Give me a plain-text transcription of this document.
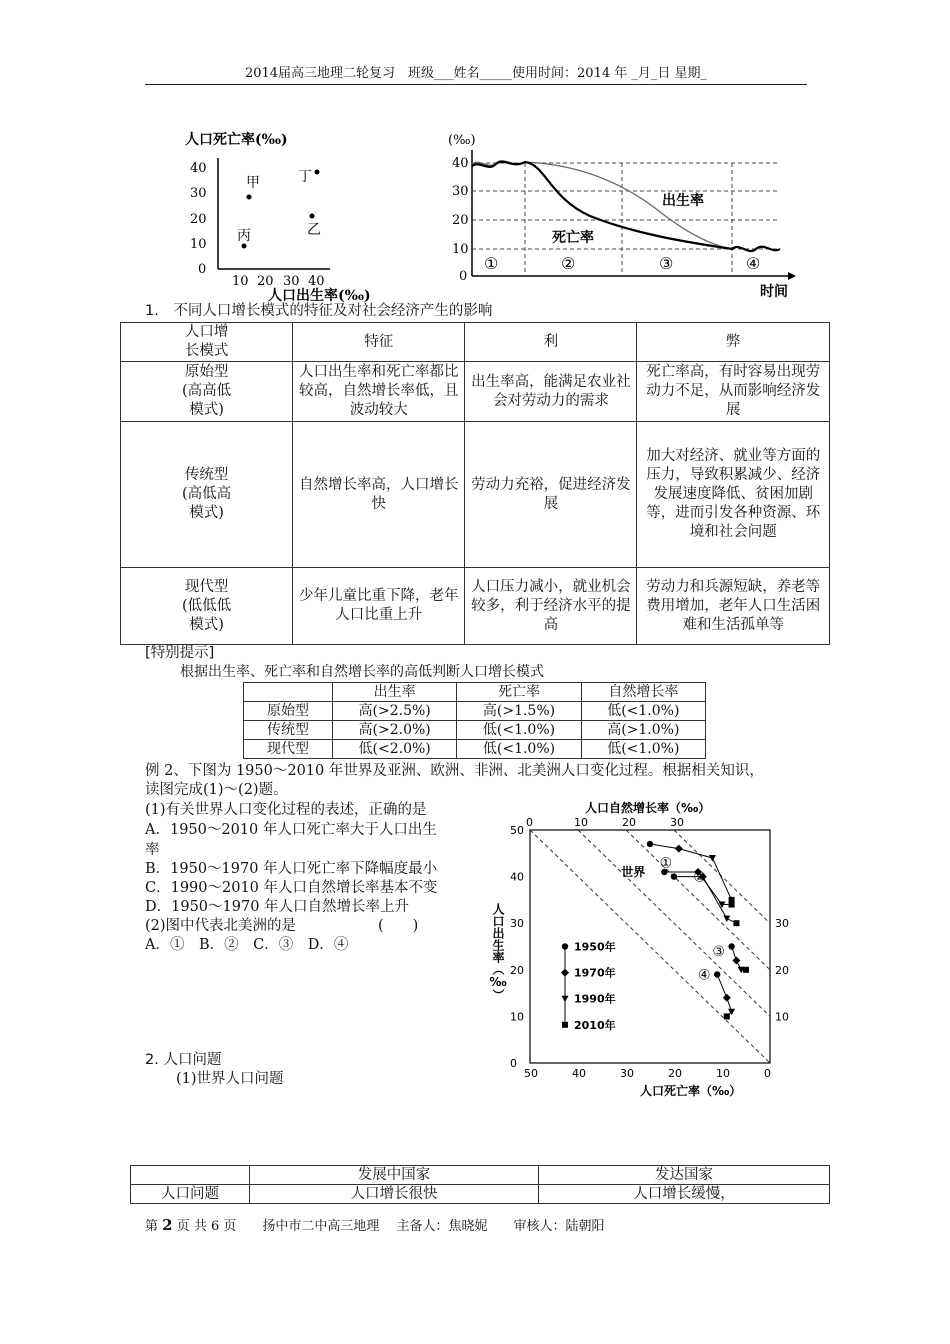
2014届高三地理二轮复习　班级___姓名_____使用时间：2014 年 _月_日 星期_
人口死亡率(‰)
40
30
20
10
0
10 20 30 40
人口出生率(‰)
甲	丁
乙
丙
(‰)
40
30
20
10
0
出生率
死亡率
①	②	③	④
时间
1.　不同人口增长模式的特征及对社会经济产生的影响
人口增
长模式	特征	利	弊
原始型
(高高低
模式)	人口出生率和死亡率都比较高，自然增长率低，且波动较大	出生率高，能满足农业社会对劳动力的需求	死亡率高，有时容易出现劳动力不足，从而影响经济发展
传统型
(高低高
模式)	自然增长率高，人口增长快	劳动力充裕，促进经济发展	加大对经济、就业等方面的压力，导致积累减少、经济发展速度降低、贫困加剧等，进而引发各种资源、环境和社会问题
现代型
(低低低
模式)	少年儿童比重下降，老年人口比重上升	人口压力减小，就业机会较多，利于经济水平的提高	劳动力和兵源短缺，养老等费用增加，老年人口生活困难和生活孤单等
[特别提示]
根据出生率、死亡率和自然增长率的高低判断人口增长模式
	出生率	死亡率	自然增长率
原始型	高(>2.5%)	高(>1.5%)	低(<1.0%)
传统型	高(>2.0%)	低(<1.0%)	高(>1.0%)
现代型	低(<2.0%)	低(<1.0%)	低(<1.0%)
例 2、下图为 1950～2010 年世界及亚洲、欧洲、非洲、北美洲人口变化过程。根据相关知识，
读图完成(1)～(2)题。
(1)有关世界人口变化过程的表述，正确的是
A．1950～2010 年人口死亡率大于人口出生
率
B．1950～1970 年人口死亡率下降幅度最小
C．1990～2010 年人口自然增长率基本不变
D．1950～1970 年人口自然增长率上升
(2)图中代表北美洲的是	(　　)
A．①　B．②　C．③　D．④
0	10	20	30
50
40
30
20
10
0
50	40	30	20	10	0
30
20
10
人口自然增长率（‰）
人口死亡率（‰）
人口出生率（‰）
世界
①
②
③
④
1950年
1970年
1990年
2010年
2. 人口问题
(1)世界人口问题
	发展中国家	发达国家
人口问题	人口增长很快	人口增长缓慢，
第 2 页 共 6 页　　扬中市二中高三地理　 主备人：焦晓妮　　审核人：陆朝阳
